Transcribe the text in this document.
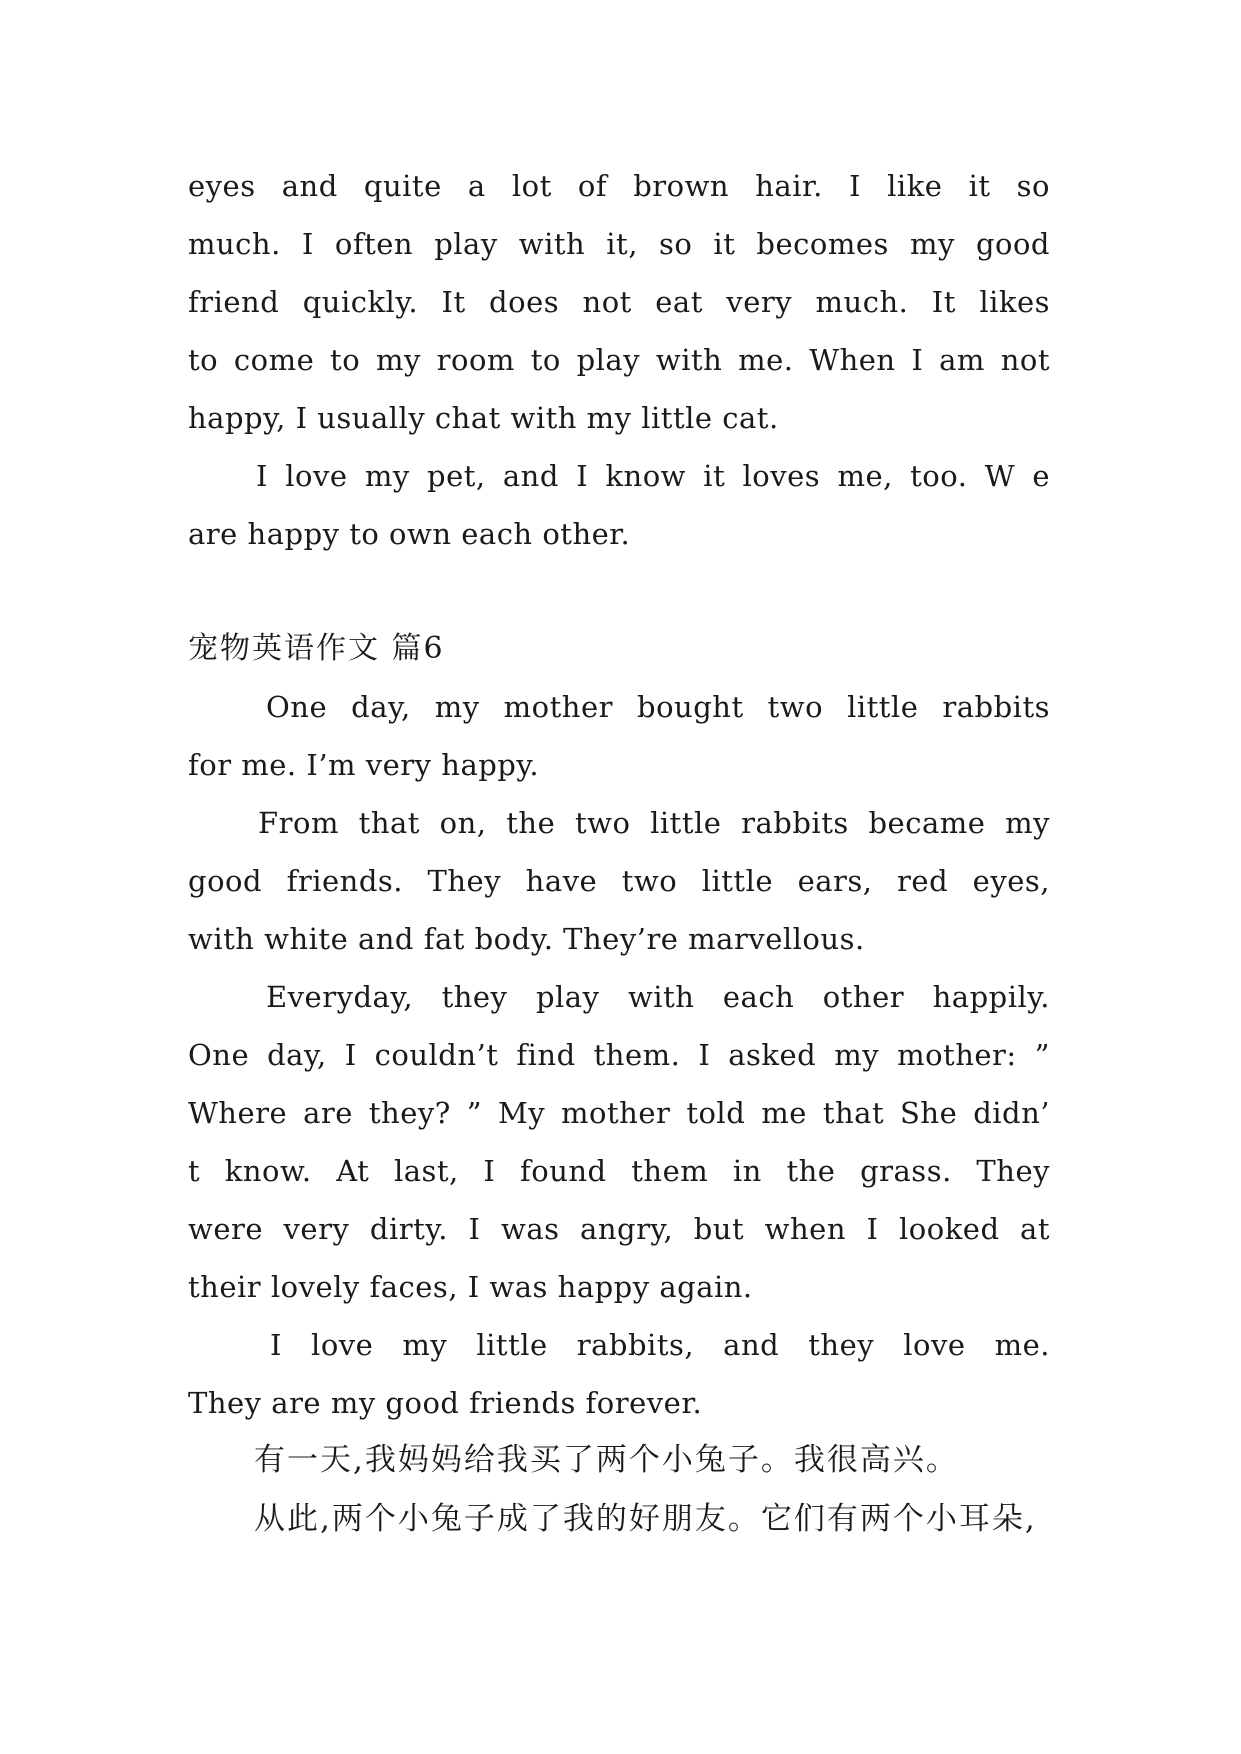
eyes and quite a lot of brown hair. I like it so
much. I often play with it, so it becomes my good
friend quickly. It does not eat very much. It likes
to come to my room to play with me. When I am not
happy, I usually chat with my little cat.
I love my pet, and I know it loves me, too. W e
are happy to own each other.
宠物英语作文 篇6
One day, my mother bought two little rabbits
for me. I’m very happy.
From that on, the two little rabbits became my
good friends. They have two little ears, red eyes,
with white and fat body. They’re marvellous.
Everyday, they play with each other happily.
One day, I couldn’t find them. I asked my mother: ”
Where are they? ” My mother told me that She didn’
t know. At last, I found them in the grass. They
were very dirty. I was angry, but when I looked at
their lovely faces, I was happy again.
I love my little rabbits, and they love me.
They are my good friends forever.
有一天,我妈妈给我买了两个小兔子。我很高兴。
从此,两个小兔子成了我的好朋友。它们有两个小耳朵,
